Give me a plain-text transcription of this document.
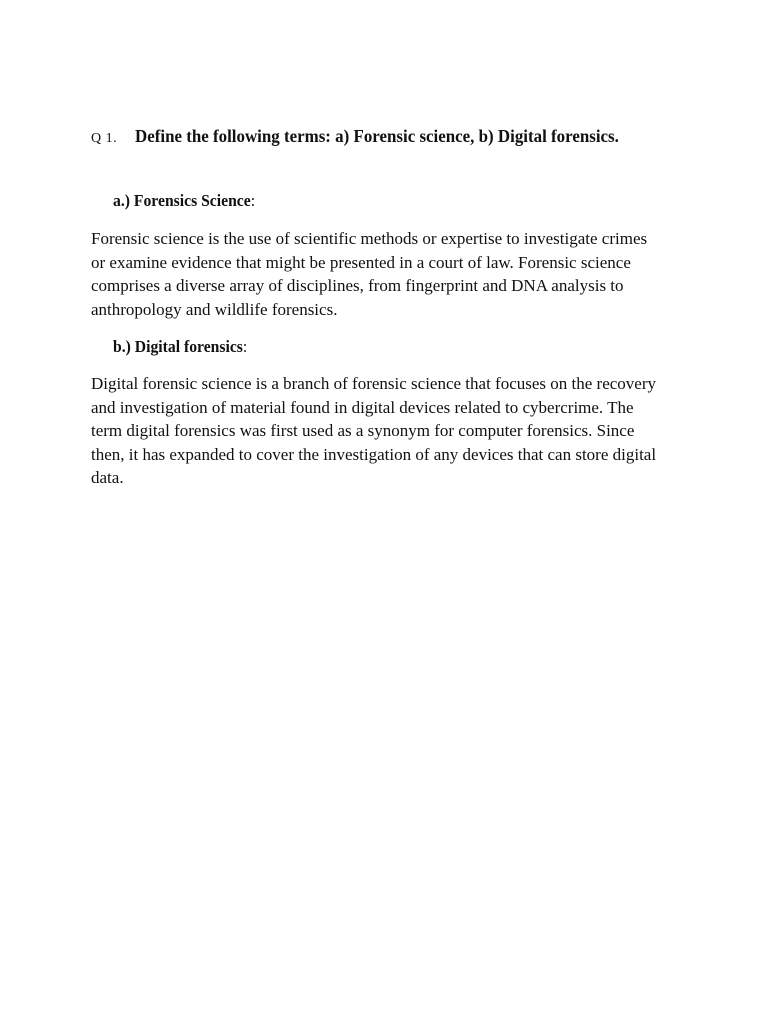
Q 1. Define the following terms: a) Forensic science, b) Digital forensics.
a.) Forensics Science:
Forensic science is the use of scientific methods or expertise to investigate crimes
or examine evidence that might be presented in a court of law. Forensic science
comprises a diverse array of disciplines, from fingerprint and DNA analysis to
anthropology and wildlife forensics.
b.) Digital forensics:
Digital forensic science is a branch of forensic science that focuses on the recovery
and investigation of material found in digital devices related to cybercrime. The
term digital forensics was first used as a synonym for computer forensics. Since
then, it has expanded to cover the investigation of any devices that can store digital
data.
